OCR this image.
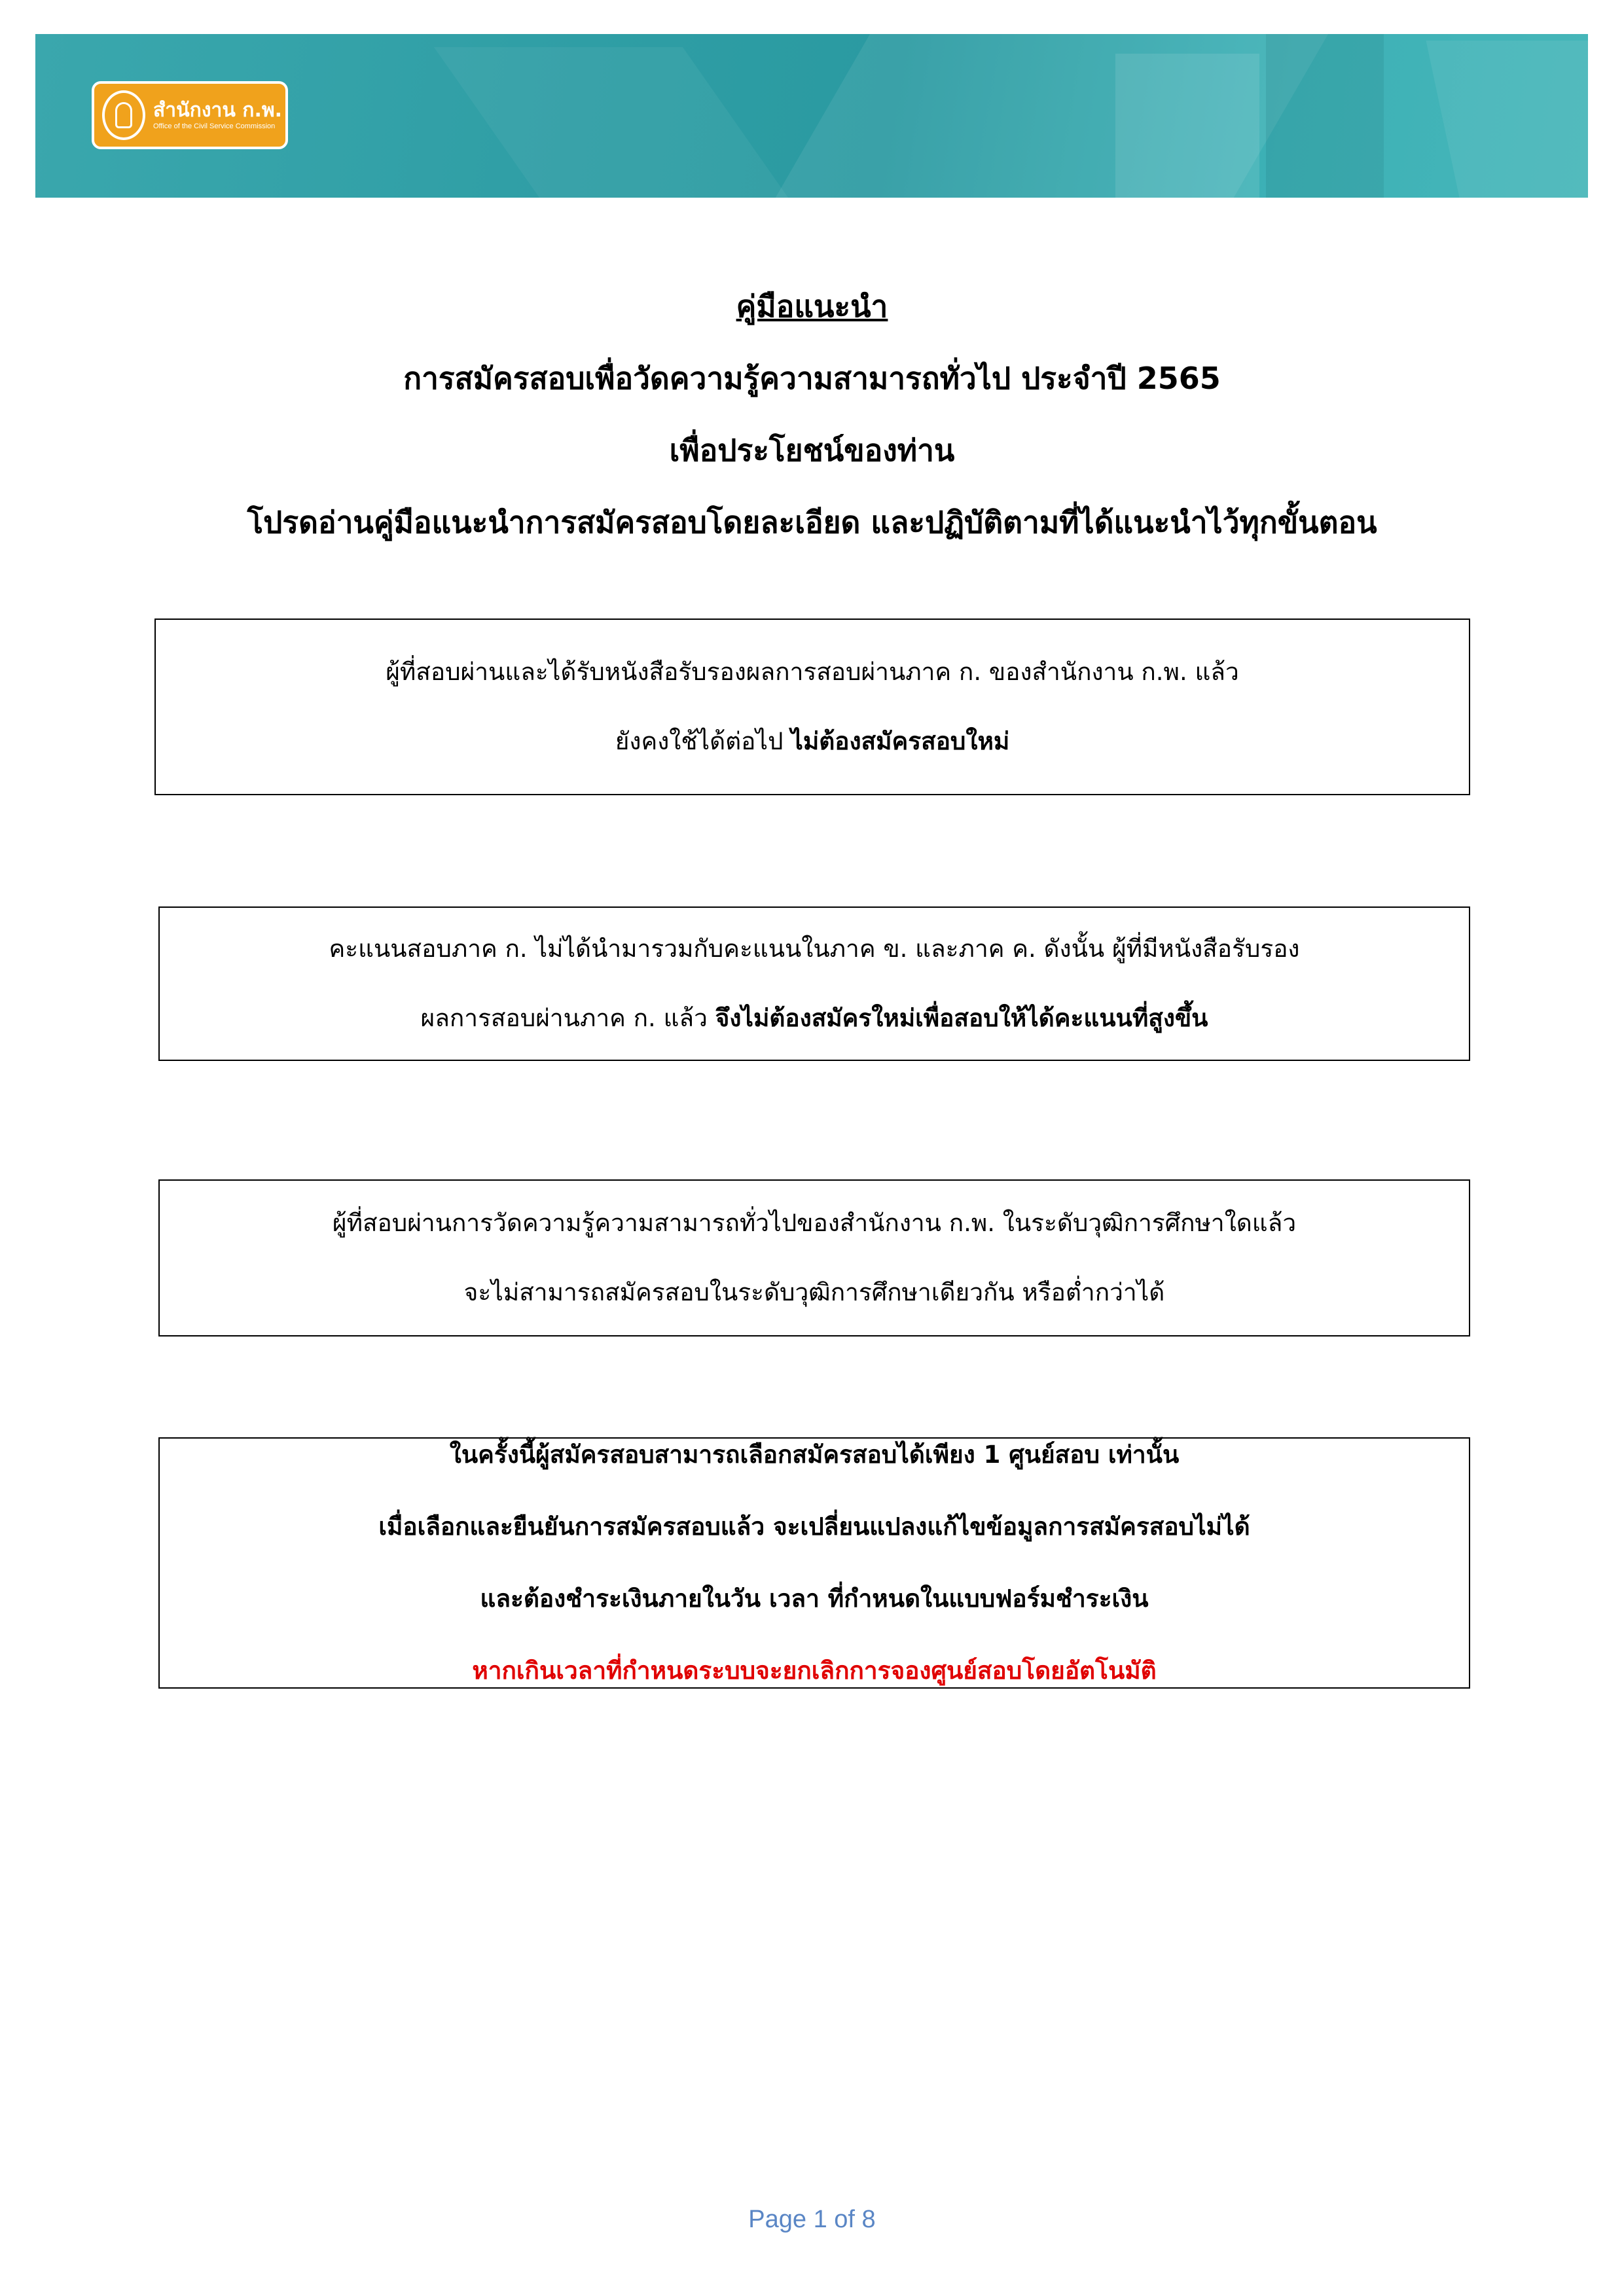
สำนักงาน ก.พ.
Office of the Civil Service Commission
คู่มือแนะนำ
การสมัครสอบเพื่อวัดความรู้ความสามารถทั่วไป ประจำปี 2565
เพื่อประโยชน์ของท่าน
โปรดอ่านคู่มือแนะนำการสมัครสอบโดยละเอียด และปฏิบัติตามที่ได้แนะนำไว้ทุกขั้นตอน
ผู้ที่สอบผ่านและได้รับหนังสือรับรองผลการสอบผ่านภาค ก. ของสำนักงาน ก.พ. แล้ว
ยังคงใช้ได้ต่อไป ไม่ต้องสมัครสอบใหม่
คะแนนสอบภาค ก. ไม่ได้นำมารวมกับคะแนนในภาค ข. และภาค ค. ดังนั้น ผู้ที่มีหนังสือรับรอง
ผลการสอบผ่านภาค ก. แล้ว จึงไม่ต้องสมัครใหม่เพื่อสอบให้ได้คะแนนที่สูงขึ้น
ผู้ที่สอบผ่านการวัดความรู้ความสามารถทั่วไปของสำนักงาน ก.พ. ในระดับวุฒิการศึกษาใดแล้ว
จะไม่สามารถสมัครสอบในระดับวุฒิการศึกษาเดียวกัน หรือต่ำกว่าได้
ในครั้งนี้ผู้สมัครสอบสามารถเลือกสมัครสอบได้เพียง 1 ศูนย์สอบ เท่านั้น
เมื่อเลือกและยืนยันการสมัครสอบแล้ว จะเปลี่ยนแปลงแก้ไขข้อมูลการสมัครสอบไม่ได้
และต้องชำระเงินภายในวัน เวลา ที่กำหนดในแบบฟอร์มชำระเงิน
หากเกินเวลาที่กำหนดระบบจะยกเลิกการจองศูนย์สอบโดยอัตโนมัติ
Page 1 of 8
